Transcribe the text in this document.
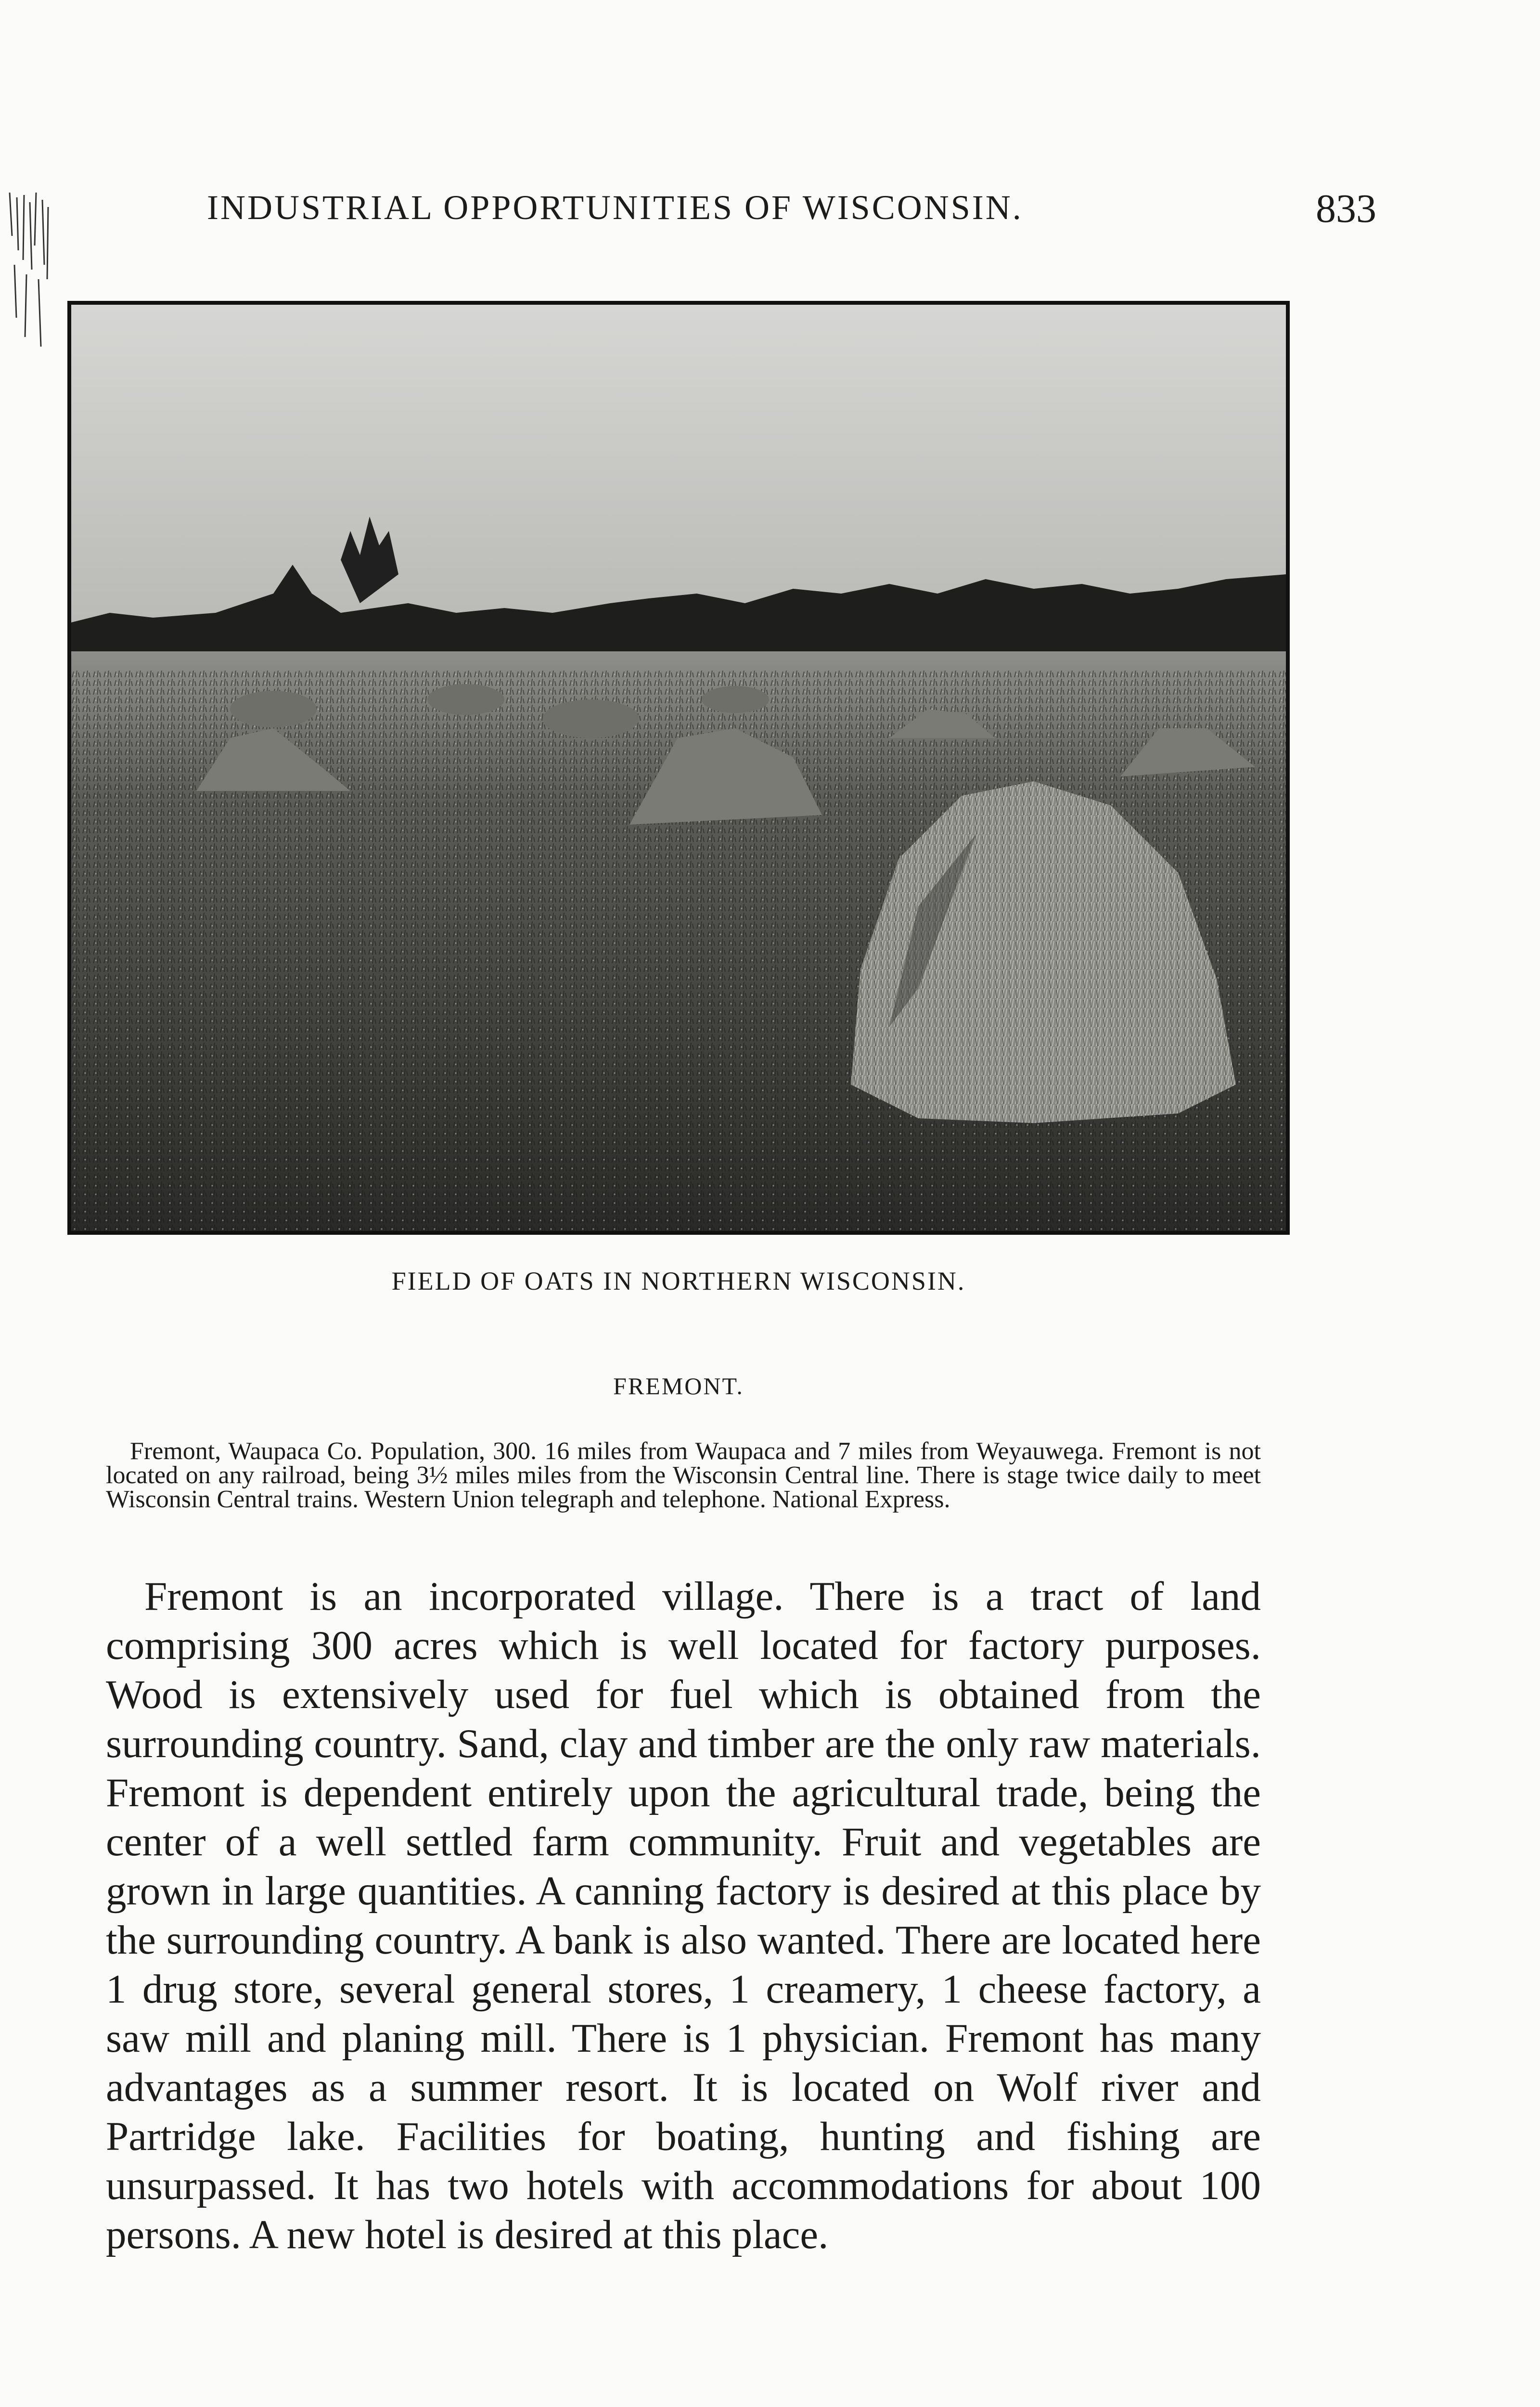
INDUSTRIAL OPPORTUNITIES OF WISCONSIN.	833
FIELD OF OATS IN NORTHERN WISCONSIN.
FREMONT.

Fremont, Waupaca Co. Population, 300. 16 miles from Waupaca and 7 miles from Weyauwega. Fremont is not located on any railroad, being 3½ miles miles from the Wisconsin Central line. There is stage twice daily to meet Wisconsin Central trains. Western Union telegraph and telephone. National Express.

Fremont is an incorporated village. There is a tract of land comprising 300 acres which is well located for factory purposes. Wood is extensively used for fuel which is obtained from the surrounding country. Sand, clay and timber are the only raw materials. Fremont is dependent entirely upon the agricultural trade, being the center of a well settled farm community. Fruit and vegetables are grown in large quantities. A canning factory is desired at this place by the surrounding country. A bank is also wanted. There are located here 1 drug store, several general stores, 1 creamery, 1 cheese factory, a saw mill and planing mill. There is 1 physician. Fremont has many advantages as a summer resort. It is located on Wolf river and Partridge lake. Facilities for boating, hunting and fishing are unsurpassed. It has two hotels with accommodations for about 100 persons. A new hotel is desired at this place.
